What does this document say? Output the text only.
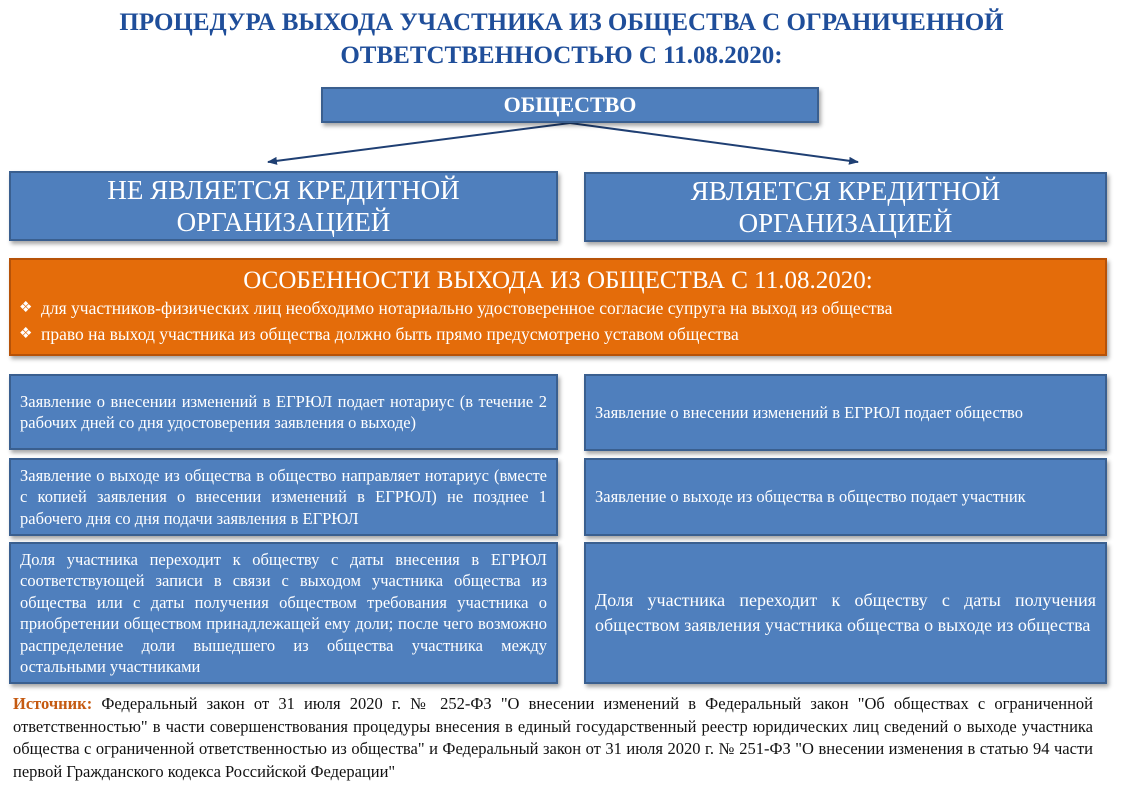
ПРОЦЕДУРА ВЫХОДА УЧАСТНИКА ИЗ ОБЩЕСТВА С ОГРАНИЧЕННОЙ
ОТВЕТСТВЕННОСТЬЮ С 11.08.2020:
ОБЩЕСТВО
НЕ ЯВЛЯЕТСЯ КРЕДИТНОЙ
ОРГАНИЗАЦИЕЙ
ЯВЛЯЕТСЯ КРЕДИТНОЙ
ОРГАНИЗАЦИЕЙ
ОСОБЕННОСТИ ВЫХОДА ИЗ ОБЩЕСТВА С 11.08.2020:
❖ для участников-физических лиц необходимо нотариально удостоверенное согласие супруга на выход из общества
❖ право на выход участника из общества должно быть прямо предусмотрено уставом общества
Заявление о внесении изменений в ЕГРЮЛ подает нотариус (в течение 2 рабочих дней со дня удостоверения заявления о выходе)
Заявление о выходе из общества в общество направляет нотариус (вместе с копией заявления о внесении изменений в ЕГРЮЛ) не позднее 1 рабочего дня со дня подачи заявления в ЕГРЮЛ
Доля участника переходит к обществу с даты внесения в ЕГРЮЛ соответствующей записи в связи с выходом участника общества из общества или с даты получения обществом требования участника о приобретении обществом принадлежащей ему доли; после чего возможно распределение доли вышедшего из общества участника между остальными участниками
Заявление о внесении изменений в ЕГРЮЛ подает общество
Заявление о выходе из общества в общество подает участник
Доля участника переходит к обществу с даты получения обществом заявления участника общества о выходе из общества
Источник: Федеральный закон от 31 июля 2020 г. № 252-ФЗ "О внесении изменений в Федеральный закон "Об обществах с ограниченной ответственностью" в части совершенствования процедуры внесения в единый государственный реестр юридических лиц сведений о выходе участника общества с ограниченной ответственностью из общества" и Федеральный закон от 31 июля 2020 г. № 251-ФЗ "О внесении изменения в статью 94 части первой Гражданского кодекса Российской Федерации"
